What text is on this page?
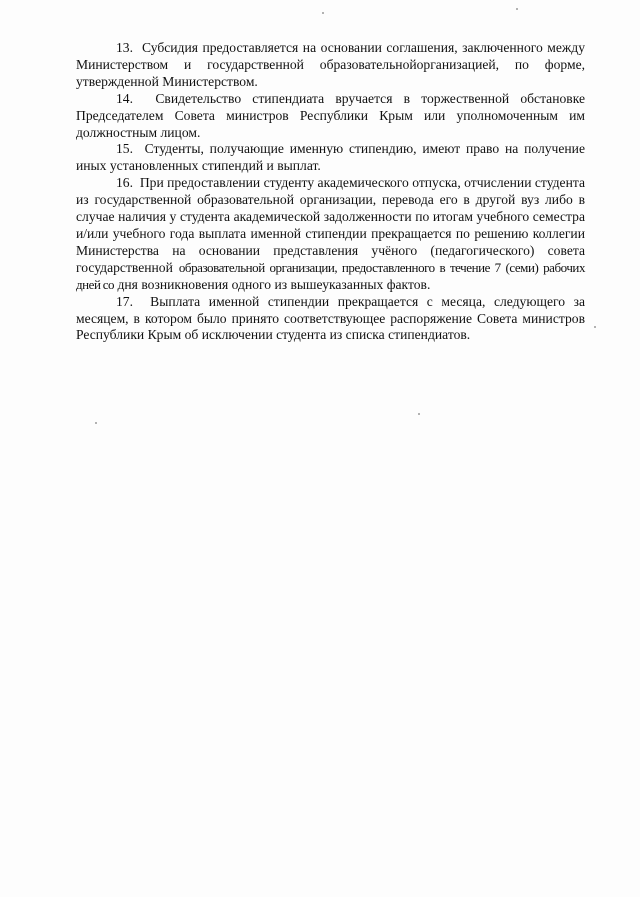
13. Субсидия предоставляется на основании соглашения, заключенного между Министерством и государственной образовательнойорганизацией, по форме, утвержденной Министерством.

14. Свидетельство стипендиата вручается в торжественной обстановке Председателем Совета министров Республики Крым или уполномоченным им должностным лицом.

15. Студенты, получающие именную стипендию, имеют право на получение иных установленных стипендий и выплат.

16. При предоставлении студенту академического отпуска, отчислении студента из государственной образовательной организации, перевода его в другой вуз либо в случае наличия у студента академической задолженности по итогам учебного семестра и/или учебного года выплата именной стипендии прекращается по решению коллегии Министерства на основании представления учёного (педагогического) совета государственной образовательной организации, предоставленного в течение 7 (семи) рабочих дней со дня возникновения одного из вышеуказанных фактов.

17. Выплата именной стипендии прекращается с месяца, следующего за месяцем, в котором было принято соответствующее распоряжение Совета министров Республики Крым об исключении студента из списка стипендиатов.
